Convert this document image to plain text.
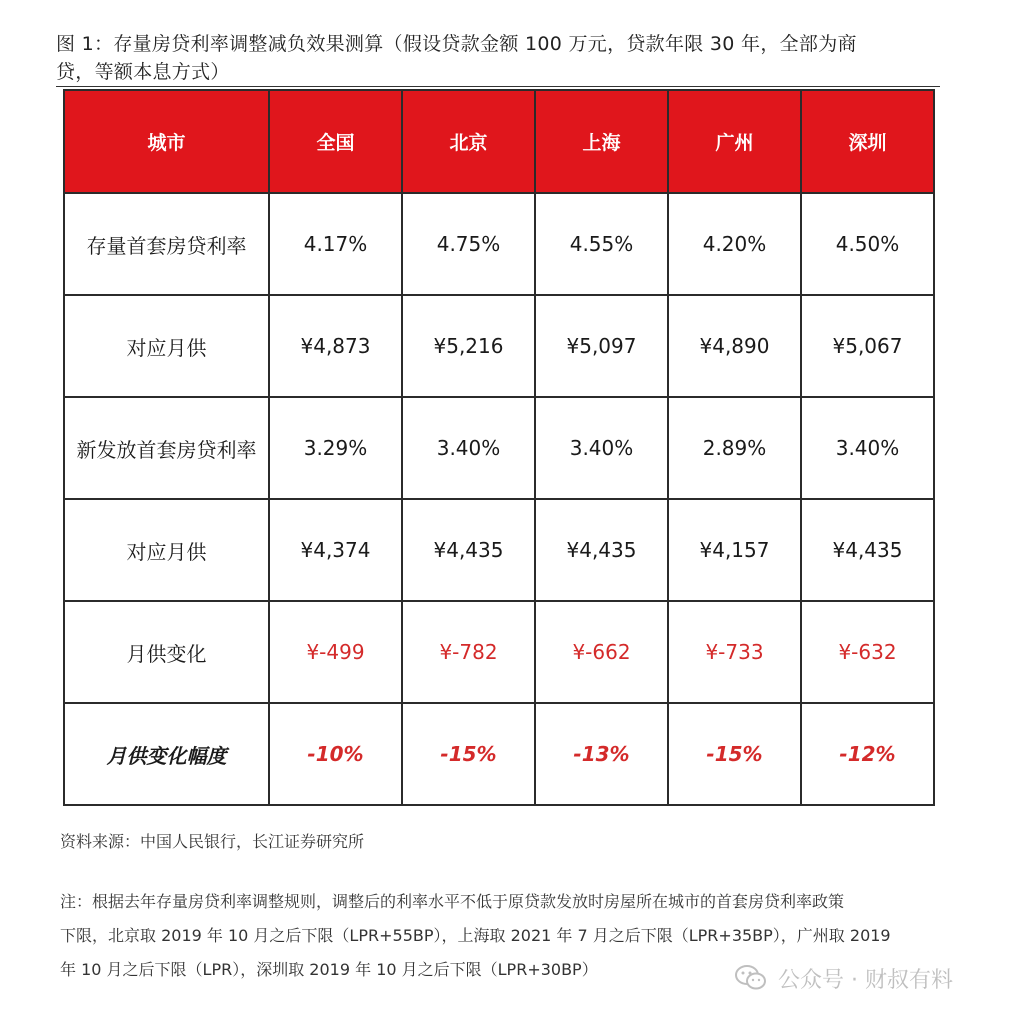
图 1：存量房贷利率调整减负效果测算（假设贷款金额 100 万元，贷款年限 30 年，全部为商
贷，等额本息方式）
城市	全国	北京	上海	广州	深圳
存量首套房贷利率	4.17%	4.75%	4.55%	4.20%	4.50%
对应月供	¥4,873	¥5,216	¥5,097	¥4,890	¥5,067
新发放首套房贷利率	3.29%	3.40%	3.40%	2.89%	3.40%
对应月供	¥4,374	¥4,435	¥4,435	¥4,157	¥4,435
月供变化	¥-499	¥-782	¥-662	¥-733	¥-632
月供变化幅度	-10%	-15%	-13%	-15%	-12%
资料来源：中国人民银行，长江证券研究所
注：根据去年存量房贷利率调整规则，调整后的利率水平不低于原贷款发放时房屋所在城市的首套房贷利率政策
下限，北京取 2019 年 10 月之后下限（LPR+55BP），上海取 2021 年 7 月之后下限（LPR+35BP），广州取 2019
年 10 月之后下限（LPR），深圳取 2019 年 10 月之后下限（LPR+30BP）	公众号 · 财叔有料
